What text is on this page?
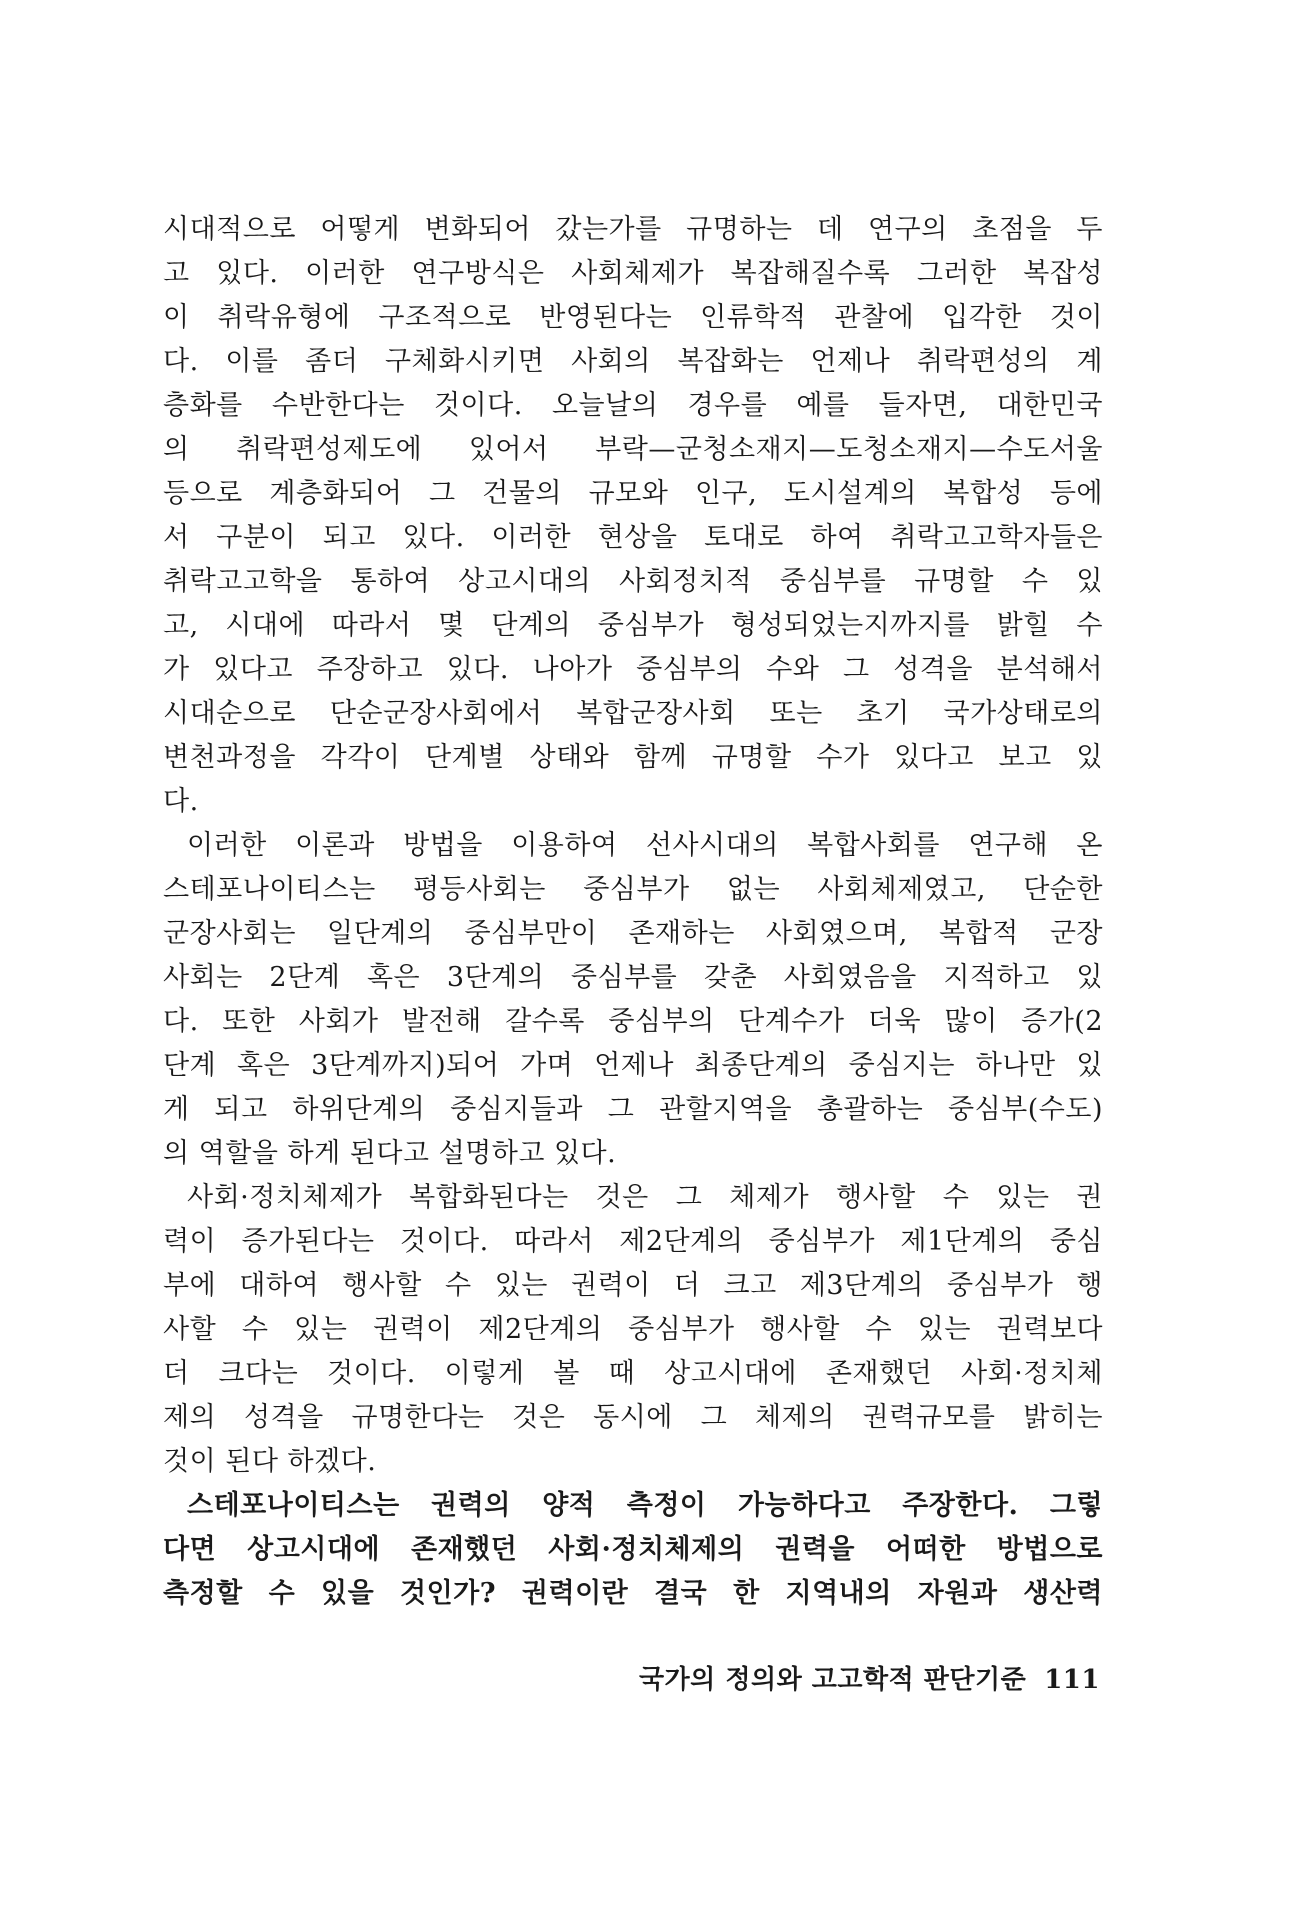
시대적으로 어떻게 변화되어 갔는가를 규명하는 데 연구의 초점을 두
고 있다. 이러한 연구방식은 사회체제가 복잡해질수록 그러한 복잡성
이 취락유형에 구조적으로 반영된다는 인류학적 관찰에 입각한 것이
다. 이를 좀더 구체화시키면 사회의 복잡화는 언제나 취락편성의 계
층화를 수반한다는 것이다. 오늘날의 경우를 예를 들자면, 대한민국
의 취락편성제도에 있어서 부락—군청소재지—도청소재지—수도서울
등으로 계층화되어 그 건물의 규모와 인구, 도시설계의 복합성 등에
서 구분이 되고 있다. 이러한 현상을 토대로 하여 취락고고학자들은
취락고고학을 통하여 상고시대의 사회정치적 중심부를 규명할 수 있
고, 시대에 따라서 몇 단계의 중심부가 형성되었는지까지를 밝힐 수
가 있다고 주장하고 있다. 나아가 중심부의 수와 그 성격을 분석해서
시대순으로 단순군장사회에서 복합군장사회 또는 초기 국가상태로의
변천과정을 각각이 단계별 상태와 함께 규명할 수가 있다고 보고 있
다.
이러한 이론과 방법을 이용하여 선사시대의 복합사회를 연구해 온
스테포나이티스는 평등사회는 중심부가 없는 사회체제였고, 단순한
군장사회는 일단계의 중심부만이 존재하는 사회였으며, 복합적 군장
사회는 2단계 혹은 3단계의 중심부를 갖춘 사회였음을 지적하고 있
다. 또한 사회가 발전해 갈수록 중심부의 단계수가 더욱 많이 증가(2
단계 혹은 3단계까지)되어 가며 언제나 최종단계의 중심지는 하나만 있
게 되고 하위단계의 중심지들과 그 관할지역을 총괄하는 중심부(수도)
의 역할을 하게 된다고 설명하고 있다.
사회·정치체제가 복합화된다는 것은 그 체제가 행사할 수 있는 권
력이 증가된다는 것이다. 따라서 제2단계의 중심부가 제1단계의 중심
부에 대하여 행사할 수 있는 권력이 더 크고 제3단계의 중심부가 행
사할 수 있는 권력이 제2단계의 중심부가 행사할 수 있는 권력보다
더 크다는 것이다. 이렇게 볼 때 상고시대에 존재했던 사회·정치체
제의 성격을 규명한다는 것은 동시에 그 체제의 권력규모를 밝히는
것이 된다 하겠다.
스테포나이티스는 권력의 양적 측정이 가능하다고 주장한다. 그렇
다면 상고시대에 존재했던 사회·정치체제의 권력을 어떠한 방법으로
측정할 수 있을 것인가? 권력이란 결국 한 지역내의 자원과 생산력
국가의 정의와 고고학적 판단기준 111
